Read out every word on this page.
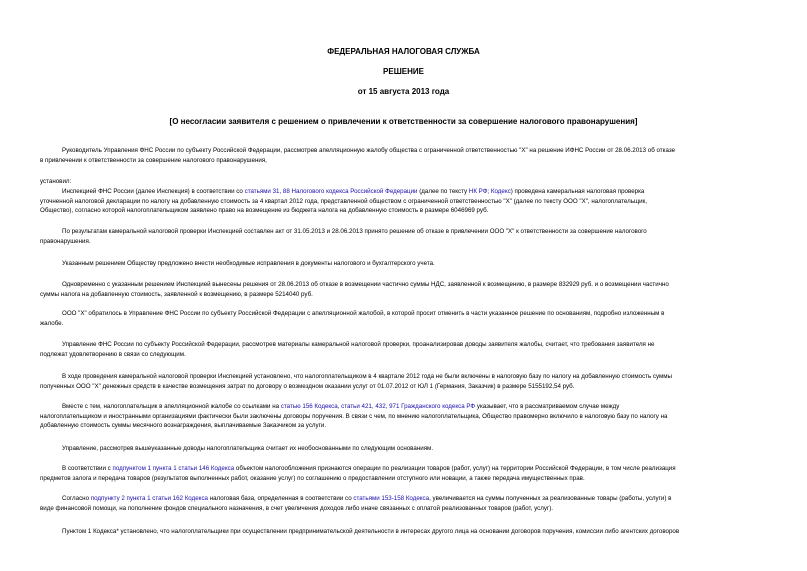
ФЕДЕРАЛЬНАЯ НАЛОГОВАЯ СЛУЖБА
РЕШЕНИЕ
от 15 августа 2013 года
[О несогласии заявителя с решением о привлечении к ответственности за совершение налогового правонарушения]
Руководитель Управления ФНС России по субъекту Российской Федерации, рассмотрев апелляционную жалобу общества с ограниченной ответственностью "X" на решение ИФНС России от 28.06.2013 об отказе
в привлечении к ответственности за совершение налогового правонарушения,
установил:
Инспекцией ФНС России (далее Инспекция) в соответствии со статьями 31, 88 Налогового кодекса Российской Федерации (далее по тексту НК РФ; Кодекс) проведена камеральная налоговая проверка
уточненной налоговой декларации по налогу на добавленную стоимость за 4 квартал 2012 года, представленной обществом с ограниченной ответственностью "X" (далее по тексту ООО "X", налогоплательщик,
Общество), согласно которой налогоплательщиком заявлено право на возмещение из бюджета налога на добавленную стоимость в размере 6046969 руб.
По результатам камеральной налоговой проверки Инспекцией составлен акт от 31.05.2013 и 28.06.2013 принято решение об отказе в привлечении ООО "X" к ответственности за совершение налогового
правонарушения.
Указанным решением Обществу предложено внести необходимые исправления в документы налогового и бухгалтерского учета.
Одновременно с указанным решением Инспекцией вынесены решения от 28.06.2013 об отказе в возмещении частично суммы НДС, заявленной к возмещению, в размере 832929 руб. и о возмещении частично
суммы налога на добавленную стоимость, заявленной к возмещению, в размере 5214040 руб.
ООО "X" обратилось в Управление ФНС России по субъекту Российской Федерации с апелляционной жалобой, в которой просит отменить в части указанное решение по основаниям, подробно изложенным в
жалобе.
Управление ФНС России по субъекту Российской Федерации, рассмотрев материалы камеральной налоговой проверки, проанализировав доводы заявителя жалобы, считает, что требования заявителя не
подлежат удовлетворению в связи со следующим.
В ходе проведения камеральной налоговой проверки Инспекцией установлено, что налогоплательщиком в 4 квартале 2012 года не были включены в налоговую базу по налогу на добавленную стоимость суммы
полученных ООО "X" денежных средств в качестве возмещения затрат по договору о возмездном оказании услуг от 01.07.2012 от ЮЛ 1 (Германия, Заказчик) в размере 5155192,54 руб.
Вместе с тем, налогоплательщик в апелляционной жалобе со ссылками на статью 156 Кодекса, статьи 421, 432, 971 Гражданского кодекса РФ указывает, что в рассматриваемом случае между
налогоплательщиком и иностранными организациями фактически были заключены договоры поручения. В связи с чем, по мнению налогоплательщика, Общество правомерно включило в налоговую базу по налогу на
добавленную стоимость суммы месячного вознаграждения, выплачиваемые Заказчиком за услуги.
Управление, рассмотрев вышеуказанные доводы налогоплательщика считает их необоснованными по следующим основаниям.
В соответствии с подпунктом 1 пункта 1 статьи 146 Кодекса объектом налогообложения признаются операции по реализации товаров (работ, услуг) на территории Российской Федерации, в том числе реализация
предметов залога и передача товаров (результатов выполненных работ, оказание услуг) по соглашению о предоставлении отступного или новации, а также передача имущественных прав.
Согласно подпункту 2 пункта 1 статьи 162 Кодекса налоговая база, определенная в соответствии со статьями 153-158 Кодекса, увеличивается на суммы полученных за реализованные товары (работы, услуги) в
виде финансовой помощи, на пополнение фондов специального назначения, в счет увеличения доходов либо иначе связанных с оплатой реализованных товаров (работ, услуг).
Пунктом 1 Кодекса* установлено, что налогоплательщики при осуществлении предпринимательской деятельности в интересах другого лица на основании договоров поручения, комиссии либо агентских договоров
